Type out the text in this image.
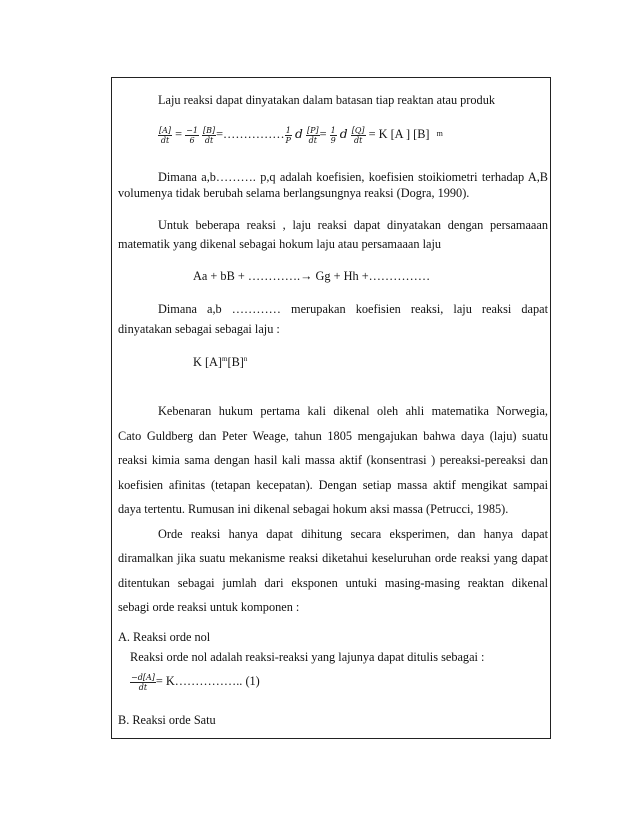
Laju reaksi dapat dinyatakan dalam batasan tiap reaktan atau produk
$\frac{[A]}{dt} = \frac{-1}{6}$
$\frac{[B]}{dt}$ =…………… $\frac{1}{P}$ d $\frac{[P]}{dt} = \frac{1}{9}$ d $\frac{[Q]}{dt} = K$ [A ] [B] $^m$
Dimana a,b………. p,q adalah koefisien, koefisien stoikiometri terhadap A,B
volumenya tidak berubah selama berlangsungnya reaksi (Dogra, 1990).
Untuk beberapa reaksi , laju reaksi dapat dinyatakan dengan persamaaan
matematik yang dikenal sebagai hokum laju atau persamaaan laju
Aa + bB + ………….→ Gg + Hh +……………
Dimana a,b ………… merupakan koefisien reaksi, laju reaksi dapat
dinyatakan sebagai sebagai laju :
K $[A]^m[B]^n$
Kebenaran hukum pertama kali dikenal oleh ahli matematika Norwegia,
Cato Guldberg dan Peter Weage, tahun 1805 mengajukan bahwa daya (laju) suatu
reaksi kimia sama dengan hasil kali massa aktif (konsentrasi ) pereaksi-pereaksi dan
koefisien afinitas (tetapan kecepatan). Dengan setiap massa aktif mengikat sampai
daya tertentu. Rumusan ini dikenal sebagai hokum aksi massa (Petrucci, 1985).
Orde reaksi hanya dapat dihitung secara eksperimen, dan hanya dapat
diramalkan jika suatu mekanisme reaksi diketahui keseluruhan orde reaksi yang dapat
ditentukan sebagai jumlah dari eksponen untuki masing-masing reaktan dikenal
sebagi orde reaksi untuk komponen :
A. Reaksi orde nol
Reaksi orde nol adalah reaksi-reaksi yang lajunya dapat ditulis sebagai :
$\frac{-d[A]}{dt}$ = K…………….. (1)
B. Reaksi orde Satu
